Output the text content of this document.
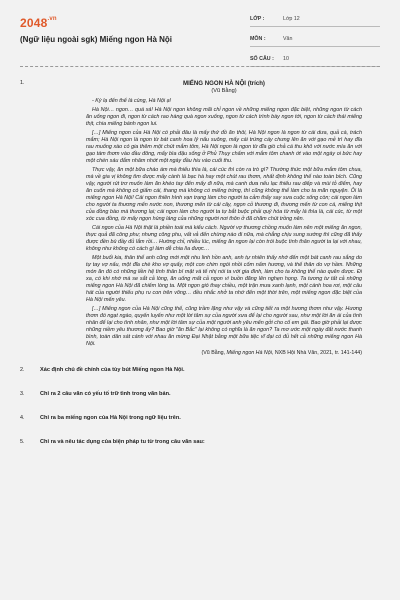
$2048^{.vn}$
(Ngữ liệu ngoài sgk) Miếng ngon Hà Nội
LỚP :	Lớp 12
MÔN :	Văn
SỐ CÂU :	10
1.	MIẾNG NGON HÀ NỘI (trích)
(Vũ Bằng)

- Kỳ lạ đến thế là cùng, Hà Nội ạ!

Hà Nội… ngon… quá xá! Hà Nội ngon không mãi chỉ ngon về những miếng ngon đặc biệt, những ngon từ cách ăn uống ngon đi, ngon từ cách rao hàng quà ngon xuống, ngon từ cách trình bày ngon tới, ngon từ cách thái miếng thịt, chia miếng bánh ngon lui.

[…] Miếng ngon của Hà Nội có phải đâu là mấy thứ đồ ăn thôi, Hà Nội ngon là ngon từ cái dưa, quả cà, trách mắm; Hà Nội ngon là ngon từ bát canh hoa lý nấu suông, mấy cái trứng cáy chưng lên ăn với gạo mẻ trì hay đĩa rau muống xào có gia thêm một chút mắm tôm, Hà Nội ngon là ngon từ đĩa giò chả cá thu khô với nước mía ăn với gạo tám thơm vào đầu đông, mấy bìa đậu sống ở Phủ Thụy chấm với mắm tôm chanh ớt vào một ngày oi bức hay một chén sáu đắm nhâm nhớt một ngày đầu hiu vào cuối thu.

Thực vậy, ăn một bữa cháo ám mà thiếu thìa là, cái cúc thì còn ra trò gì? Thường thức một bữa mắm tôm chua, mà về gia vị không tìm được mấy cành lá bạc hà hay một chút rau thơm, nhất định không thể nào toàn bích. Cũng vậy, người rút trơ muốn làm ăn khéo tay đến mấy đi nữa, mà canh dưa nếu lạc thiếu rau diếp và mùi tỏ điểm, hay ăn cuốn mà không có giấm cái, thang mà không có miếng trứng, thì cũng không thể làm cho ta mãn nguyện. Ôi là miếng ngon Hà Nội! Cái ngon thiên hình vạn trạng làm cho người ta cảm thấy say sưa cuộc sống còn; cái ngon làm cho người ta thương mến nước non, thương mến từ cái cây, ngọn cỏ thương đi, thương mến từ con cá, miếng thịt của đồng bào mà thương lại; cái ngon làm cho người ta tự bắt buộc phải quý hóa từ mấy lá thìa là, cái cúc, từ một xóc cua đồng, từ mấy ngọn hùng láng của những người nơi thôn ở đã chăm chút trồng nên.

Cái ngon của Hà Nội thật là phiền toái mà kiểu cách. Người vợ thương chồng muốn làm nên một miếng ăn ngon, thực quả đã công phu; nhưng công phu, vất vả đến chừng nào đi nữa, mà chẳng chịu sung sướng thì cũng đã thấy được đền bù đầy đủ lắm rồi… Hường chỉ, nhiều lúc, miếng ăn ngon lại còn trói buộc tình thân người ta lại với nhau, không như không có cách gì làm dễ chia lìa được…

Một buổi kia, thân thể anh cũng mới một nhu linh hồn anh, anh tự nhiên thấy nhớ đến một bát canh rau sắng do tự tay vợ nấu, một đĩa chè kho vợ quấy, một con chim ngói nhồi cốm nấm hương, và thế thân do vợ hầm. Những món ăn đó có những liền hệ tình thân bí mật và tế nhị nói ta với gia đình, làm cho ta không thể nào quên được. Đi xa, có khi nhớ mà se sắt cả lòng, ăn uống mất cả ngon vì buồn đăng lên nghẹn họng. Ta tương tư tất cả những miếng ngon Hà Nội đã chiếm lòng ta. Một ngọn gió thay chiều, một trận mưa xanh lạnh, một cánh hoa rơi, một câu hát của người thiếu phụ ru con trên võng… đều nhắc nhở ta nhớ đến một thời trên, một miếng ngon đặc biệt của Hà Nội mến yêu.

[…] Miếng ngon của Hà Nội cũng thế, cũng trầm lặng như vậy và cũng tiết ra một hương thơm như vậy. Hương thơm đó ngạt ngào, quyến luyến như một lời tâm sự của người xưa để lại cho người sau, như một lời ăn ái của tình nhân để lại cho tình nhân, như một lời tâm sự của một người anh yêu mến gởi cho cố em gái. Bao giờ phải lại được những niềm yêu thương ấy? Bao giờ "ăn Bắc" lại không có nghĩa là ăn ngon? Ta mơ ước một ngày đất nước thanh bình, toàn dân sát cánh với nhau ăn mừng Đại Nhật bằng một bữa tiệc vĩ đại có đủ hết cả những miếng ngon Hà Nội.

(Vũ Bằng, Miếng ngon Hà Nội, NXB Hội Nhà Văn, 2021, tr. 141-144)
2.	Xác định chủ đề chính của tùy bút Miếng ngon Hà Nội.
3.	Chỉ ra 2 câu văn có yếu tố trữ tình trong văn bản.
4.	Chỉ ra ba miếng ngon của Hà Nội trong ngữ liệu trên.
5.	Chỉ ra và nêu tác dụng của biện pháp tu từ trong câu văn sau:
